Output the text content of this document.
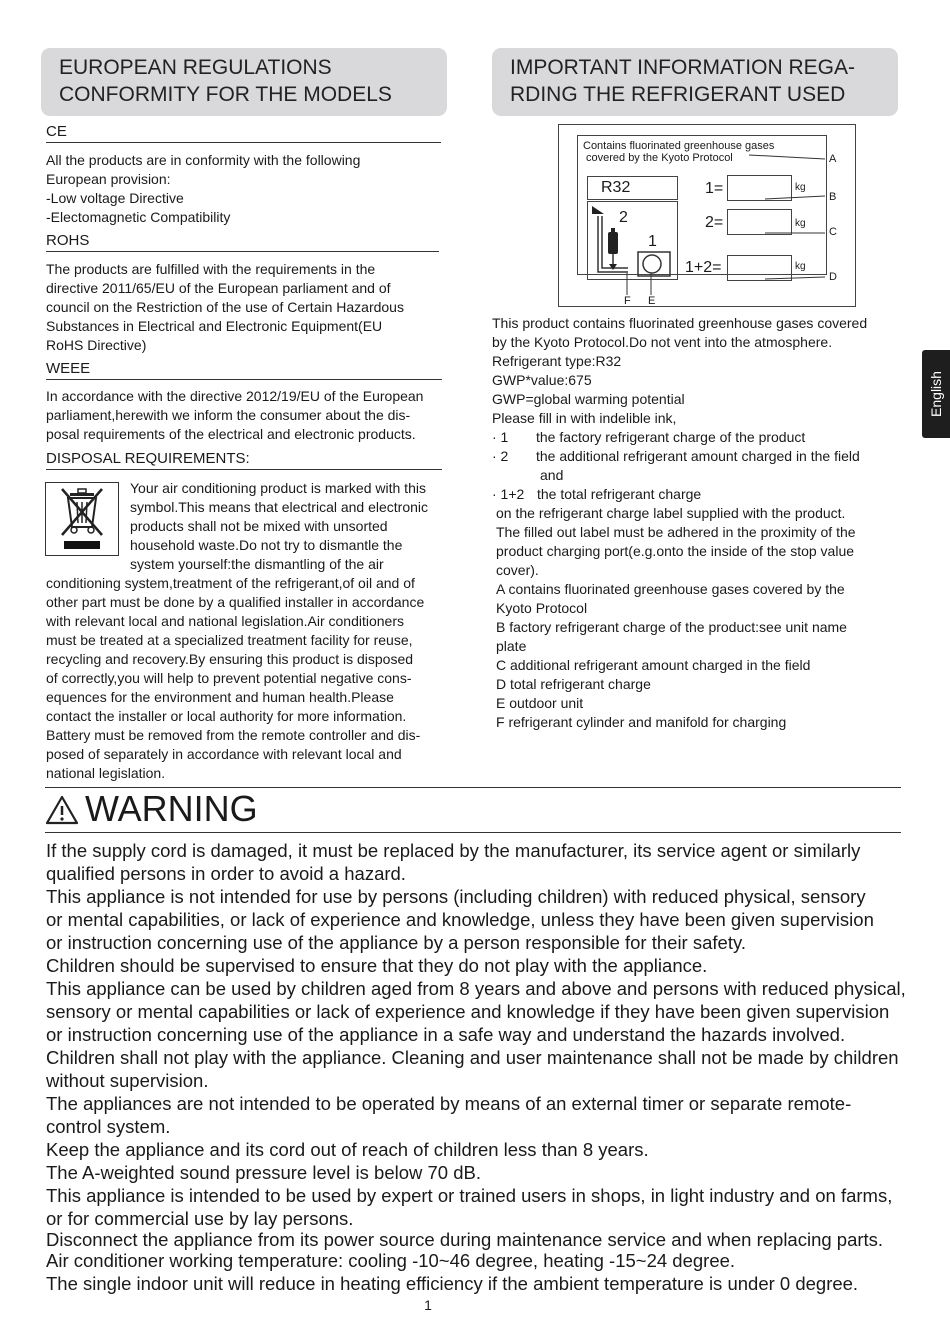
EUROPEAN REGULATIONS
CONFORMITY FOR THE MODELS
CE

All the products are in conformity with the following

European provision:

-Low voltage Directive

-Electomagnetic Compatibility

ROHS

The products are fulfilled with the requirements in the

directive 2011/65/EU of the European parliament and of

council on the Restriction of the use of Certain Hazardous

Substances in Electrical and Electronic Equipment(EU

RoHS Directive)

WEEE

In accordance with the directive 2012/19/EU of the European

parliament,herewith we inform the consumer about the dis-

posal requirements of the electrical and electronic products.

DISPOSAL REQUIREMENTS:

Your air conditioning product is marked with this

symbol.This means that electrical and electronic

products shall not be mixed with unsorted

household waste.Do not try to dismantle the

system yourself:the dismantling of the air

conditioning system,treatment of the refrigerant,of oil and of

other part must be done by a qualified installer in accordance

with relevant local and national legislation.Air conditioners

must be treated at a specialized treatment facility for reuse,

recycling and recovery.By ensuring this product is disposed

of correctly,you will help to prevent potential negative cons-

equences for the environment and human health.Please

contact the installer or local authority for more information.

Battery must be removed from the remote controller and dis-

posed of separately in accordance with relevant local and

national legislation.

IMPORTANT INFORMATION REGA-
RDING THE REFRIGERANT USED
Contains fluorinated greenhouse gases
covered by the Kyoto Protocol
R32
2
1
1=	kg
2=	kg
1+2=	kg
A
B
C
D
F E

This product contains fluorinated greenhouse gases covered

by the Kyoto Protocol.Do not vent into the atmosphere.

Refrigerant type:R32

GWP*value:675

GWP=global warming potential

Please fill in with indelible ink,

· 1 the factory refrigerant charge of the product
· 2 the additional refrigerant amount charged in the field
and
· 1+2 the total refrigerant charge

on the refrigerant charge label supplied with the product.

The filled out label must be adhered in the proximity of the

product charging port(e.g.onto the inside of the stop value

cover).

A contains fluorinated greenhouse gases covered by the

Kyoto Protocol

B factory refrigerant charge of the product:see unit name

plate

C additional refrigerant amount charged in the field

D total refrigerant charge

E outdoor unit

F refrigerant cylinder and manifold for charging

English
WARNING

If the supply cord is damaged, it must be replaced by the manufacturer, its service agent or similarly

qualified persons in order to avoid a hazard.

This appliance is not intended for use by persons (including children) with reduced physical, sensory

or mental capabilities, or lack of experience and knowledge, unless they have been given supervision

or instruction concerning use of the appliance by a person responsible for their safety.

Children should be supervised to ensure that they do not play with the appliance.

This appliance can be used by children aged from 8 years and above and persons with reduced physical,

sensory or mental capabilities or lack of experience and knowledge if they have been given supervision

or instruction concerning use of the appliance in a safe way and understand the hazards involved.

Children shall not play with the appliance. Cleaning and user maintenance shall not be made by children

without supervision.

The appliances are not intended to be operated by means of an external timer or separate remote-

control system.

Keep the appliance and its cord out of reach of children less than 8 years.

The A-weighted sound pressure level is below 70 dB.

This appliance is intended to be used by expert or trained users in shops, in light industry and on farms,

or for commercial use by lay persons.

Disconnect the appliance from its power source during maintenance service and when replacing parts.

Air conditioner working temperature: cooling -10~46 degree, heating -15~24 degree.

The single indoor unit will reduce in heating efficiency if the ambient temperature is under 0 degree.

1
